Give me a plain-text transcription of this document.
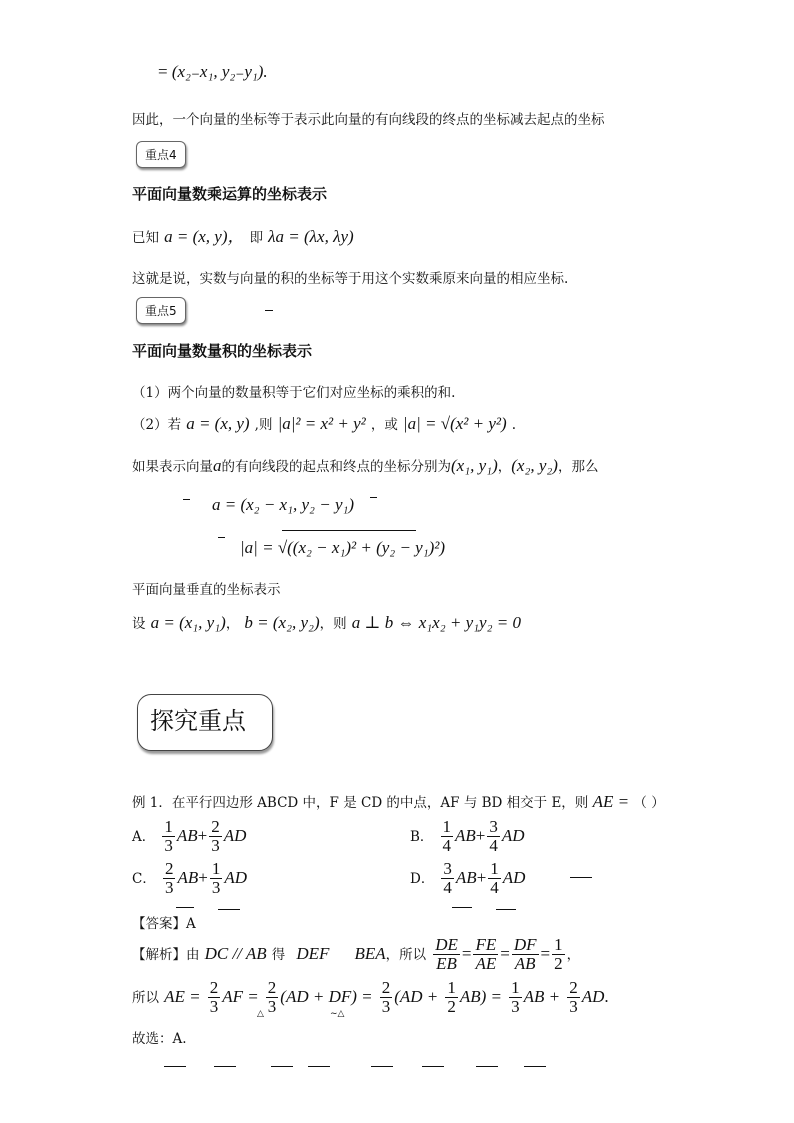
= (x₂₋x₁, y₂₋y₁).
因此，一个向量的坐标等于表示此向量的有向线段的终点的坐标减去起点的坐标
重点4
平面向量数乘运算的坐标表示
已知 a = (x, y)， 即 λa = (λx, λy)
这就是说，实数与向量的积的坐标等于用这个实数乘原来向量的相应坐标.
重点5
平面向量数量积的坐标表示
（1）两个向量的数量积等于它们对应坐标的乘积的和.
（2）若 a = (x, y) ,则 |a|² = x² + y² ，或 |a| = √(x² + y²) .
如果表示向量a的有向线段的起点和终点的坐标分别为(x₁, y₁)，(x₂, y₂)，那么
a = (x₂ − x₁, y₂ − y₁)
|a| = √((x₂ − x₁)² + (y₂ − y₁)²)
平面向量垂直的坐标表示
设 a = (x₁, y₁)， b = (x₂, y₂)，则 a ⊥ b ⇔ x₁x₂ + y₁y₂ = 0
探究重点
例 1．在平行四边形 ABCD 中，F 是 CD 的中点，AF 与 BD 相交于 E，则 AE = （ ）
A． $\frac{1}{3} AB+ \frac{2}{3}$ AD	B． $\frac{1}{4} AB+ \frac{3}{4}$ AD
C． $\frac{2}{3} AB+ \frac{1}{3}$ AD	D． $\frac{3}{4} AB+ \frac{1}{4}$ AD
【答案】A
【解析】由 DC // AB 得 DEF BEA，所以 $\frac{DE}{EB} = \frac{FE}{AE} = \frac{DF}{AB} = \frac{1}{2}$ ，
所以 AE = $\frac{2}{3}$ AF = $\frac{2}{3} (AD + DF) = \frac{2}{3} (AD + \frac{1}{2} AB) = \frac{1}{3}$ AB + $\frac{2}{3}$ AD.
△	~△
故选：A.
